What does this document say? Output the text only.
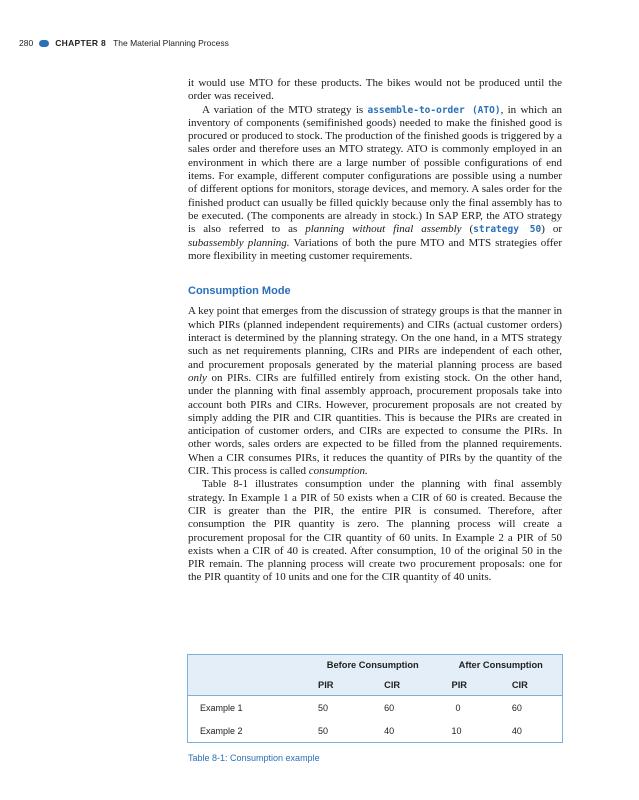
280	CHAPTER 8 The Material Planning Process

it would use MTO for these products. The bikes would not be produced until the order was received.

A variation of the MTO strategy is assemble-to-order (ATO), in which an inventory of components (semifinished goods) needed to make the finished good is procured or produced to stock. The production of the finished goods is triggered by a sales order and therefore uses an MTO strategy. ATO is commonly employed in an environment in which there are a large number of possible configurations of end items. For example, different computer configurations are possible using a number of different options for monitors, storage devices, and memory. A sales order for the finished product can usually be filled quickly because only the final assembly has to be executed. (The components are already in stock.) In SAP ERP, the ATO strategy is also referred to as planning without final assembly (strategy 50) or subassembly planning. Variations of both the pure MTO and MTS strategies offer more flexibility in meeting customer requirements.

Consumption Mode

A key point that emerges from the discussion of strategy groups is that the manner in which PIRs (planned independent requirements) and CIRs (actual customer orders) interact is determined by the planning strategy. On the one hand, in a MTS strategy such as net requirements planning, CIRs and PIRs are independent of each other, and procurement proposals generated by the material planning process are based only on PIRs. CIRs are fulfilled entirely from existing stock. On the other hand, under the planning with final assembly approach, procurement proposals take into account both PIRs and CIRs. However, procurement proposals are not created by simply adding the PIR and CIR quantities. This is because the PIRs are created in anticipation of customer orders, and CIRs are expected to consume the PIRs. In other words, sales orders are expected to be filled from the planned requirements. When a CIR consumes PIRs, it reduces the quantity of PIRs by the quantity of the CIR. This process is called consumption.

Table 8-1 illustrates consumption under the planning with final assembly strategy. In Example 1 a PIR of 50 exists when a CIR of 60 is created. Because the CIR is greater than the PIR, the entire PIR is consumed. Therefore, after consumption the PIR quantity is zero. The planning process will create a procurement proposal for the CIR quantity of 60 units. In Example 2 a PIR of 50 exists when a CIR of 40 is created. After consumption, 10 of the original 50 in the PIR remain. The planning process will create two procurement proposals: one for the PIR quantity of 10 units and one for the CIR quantity of 40 units.

	Before Consumption		After Consumption	
	PIR	CIR	PIR	CIR
Example 1	50	60	0	60
Example 2	50	40	10	40
Table 8-1: Consumption example
